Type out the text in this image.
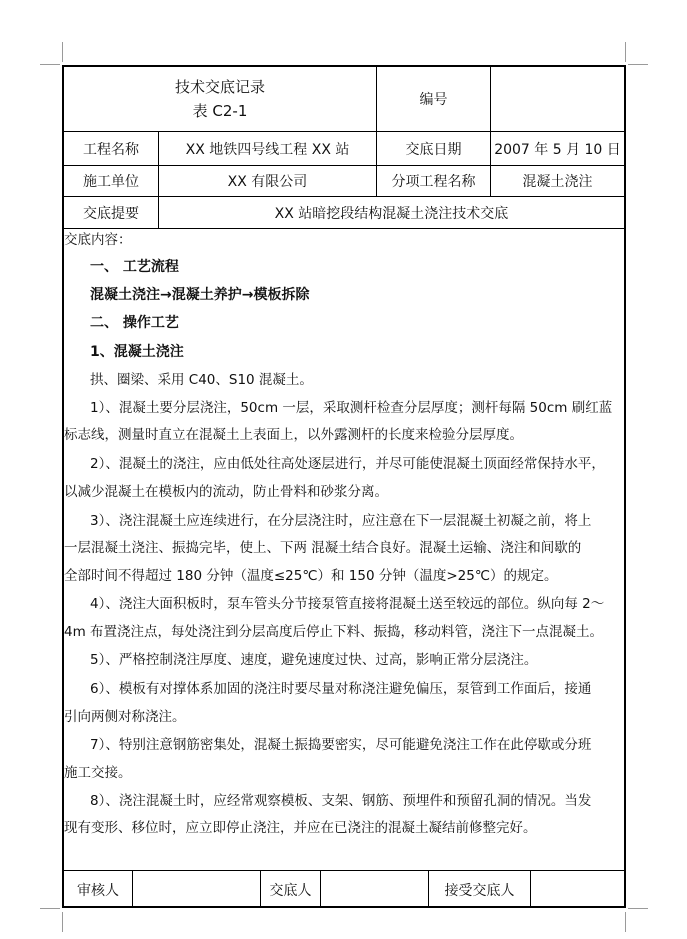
技术交底记录
表 C2-1
编号
工程名称	XX 地铁四号线工程 XX 站	交底日期	2007 年 5 月 10 日
施工单位	XX 有限公司	分项工程名称	混凝土浇注
交底提要	XX 站暗挖段结构混凝土浇注技术交底
交底内容：
一、 工艺流程
混凝土浇注→混凝土养护→模板拆除
二、 操作工艺
1、混凝土浇注
拱、圈梁、采用 C40、S10 混凝土。
1）、混凝土要分层浇注，50cm 一层，采取测杆检查分层厚度；测杆每隔 50cm 刷红蓝
标志线，测量时直立在混凝土上表面上，以外露测杆的长度来检验分层厚度。
2）、混凝土的浇注，应由低处往高处逐层进行，并尽可能使混凝土顶面经常保持水平，
以减少混凝土在模板内的流动，防止骨料和砂浆分离。
3）、浇注混凝土应连续进行，在分层浇注时，应注意在下一层混凝土初凝之前，将上
一层混凝土浇注、振捣完毕，使上、下两 混凝土结合良好。混凝土运输、浇注和间歇的
全部时间不得超过 180 分钟（温度≤25℃）和 150 分钟（温度>25℃）的规定。
4）、浇注大面积板时，泵车管头分节接泵管直接将混凝土送至较远的部位。纵向每 2～
4m 布置浇注点，每处浇注到分层高度后停止下料、振捣，移动料管，浇注下一点混凝土。
5）、严格控制浇注厚度、速度，避免速度过快、过高，影响正常分层浇注。
6）、模板有对撑体系加固的浇注时要尽量对称浇注避免偏压，泵管到工作面后，接通
引向两侧对称浇注。
7）、特别注意钢筋密集处，混凝土振捣要密实，尽可能避免浇注工作在此停歇或分班
施工交接。
8）、浇注混凝土时，应经常观察模板、支架、钢筋、预埋件和预留孔洞的情况。当发
现有变形、移位时，应立即停止浇注，并应在已浇注的混凝土凝结前修整完好。
审核人	交底人	接受交底人
